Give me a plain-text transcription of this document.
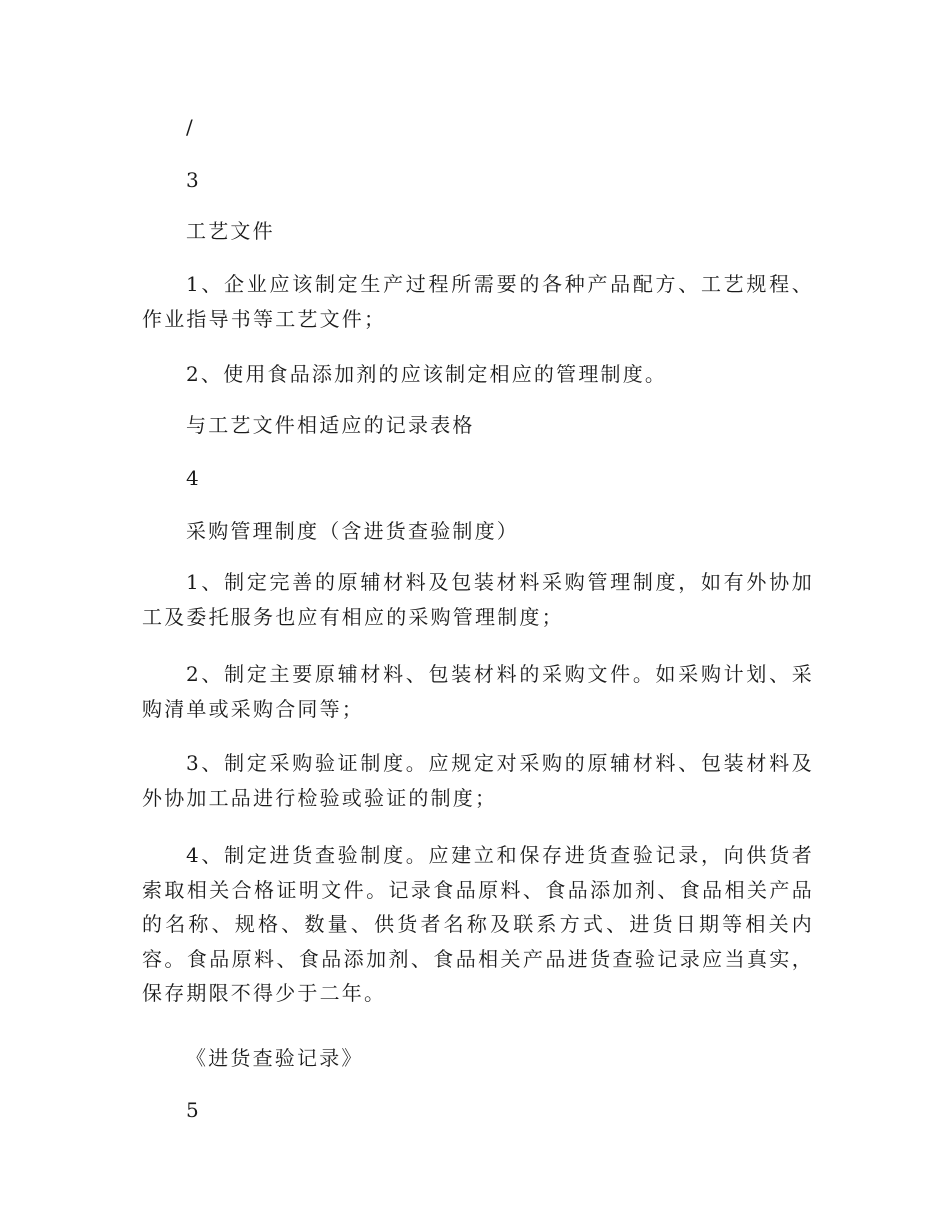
/
3
工艺文件
1、企业应该制定生产过程所需要的各种产品配方、工艺规程、作业指导书等工艺文件；
2、使用食品添加剂的应该制定相应的管理制度。
与工艺文件相适应的记录表格
4
采购管理制度（含进货查验制度）
1、制定完善的原辅材料及包装材料采购管理制度，如有外协加工及委托服务也应有相应的采购管理制度；
2、制定主要原辅材料、包装材料的采购文件。如采购计划、采购清单或采购合同等；
3、制定采购验证制度。应规定对采购的原辅材料、包装材料及外协加工品进行检验或验证的制度；
4、制定进货查验制度。应建立和保存进货查验记录，向供货者索取相关合格证明文件。记录食品原料、食品添加剂、食品相关产品的名称、规格、数量、供货者名称及联系方式、进货日期等相关内容。食品原料、食品添加剂、食品相关产品进货查验记录应当真实，保存期限不得少于二年。
《进货查验记录》
5
